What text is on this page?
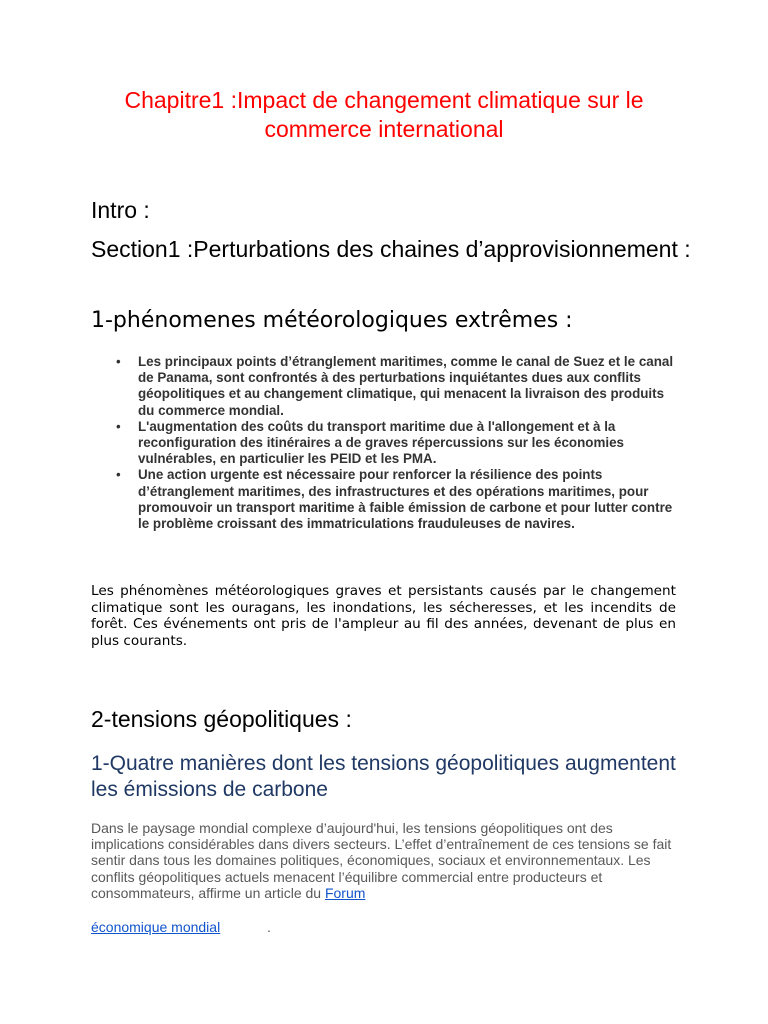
Chapitre1 :Impact de changement climatique sur le commerce international
Intro :
Section1 :Perturbations des chaines d’approvisionnement :
1-phénomenes météorologiques extrêmes :
• Les principaux points d’étranglement maritimes, comme le canal de Suez et le canal de Panama, sont confrontés à des perturbations inquiétantes dues aux conflits géopolitiques et au changement climatique, qui menacent la livraison des produits du commerce mondial.
• L'augmentation des coûts du transport maritime due à l'allongement et à la reconfiguration des itinéraires a de graves répercussions sur les économies vulnérables, en particulier les PEID et les PMA.
• Une action urgente est nécessaire pour renforcer la résilience des points d’étranglement maritimes, des infrastructures et des opérations maritimes, pour promouvoir un transport maritime à faible émission de carbone et pour lutter contre le problème croissant des immatriculations frauduleuses de navires.
Les phénomènes météorologiques graves et persistants causés par le changement climatique sont les ouragans, les inondations, les sécheresses, et les incendits de forêt. Ces événements ont pris de l'ampleur au fil des années, devenant de plus en plus courants.
2-tensions géopolitiques :
1-Quatre manières dont les tensions géopolitiques augmentent les émissions de carbone
Dans le paysage mondial complexe d’aujourd'hui, les tensions géopolitiques ont des implications considérables dans divers secteurs. L’effet d’entraînement de ces tensions se fait sentir dans tous les domaines politiques, économiques, sociaux et environnementaux. Les conflits géopolitiques actuels menacent l’équilibre commercial entre producteurs et consommateurs, affirme un article du Forum
économique mondial	.
